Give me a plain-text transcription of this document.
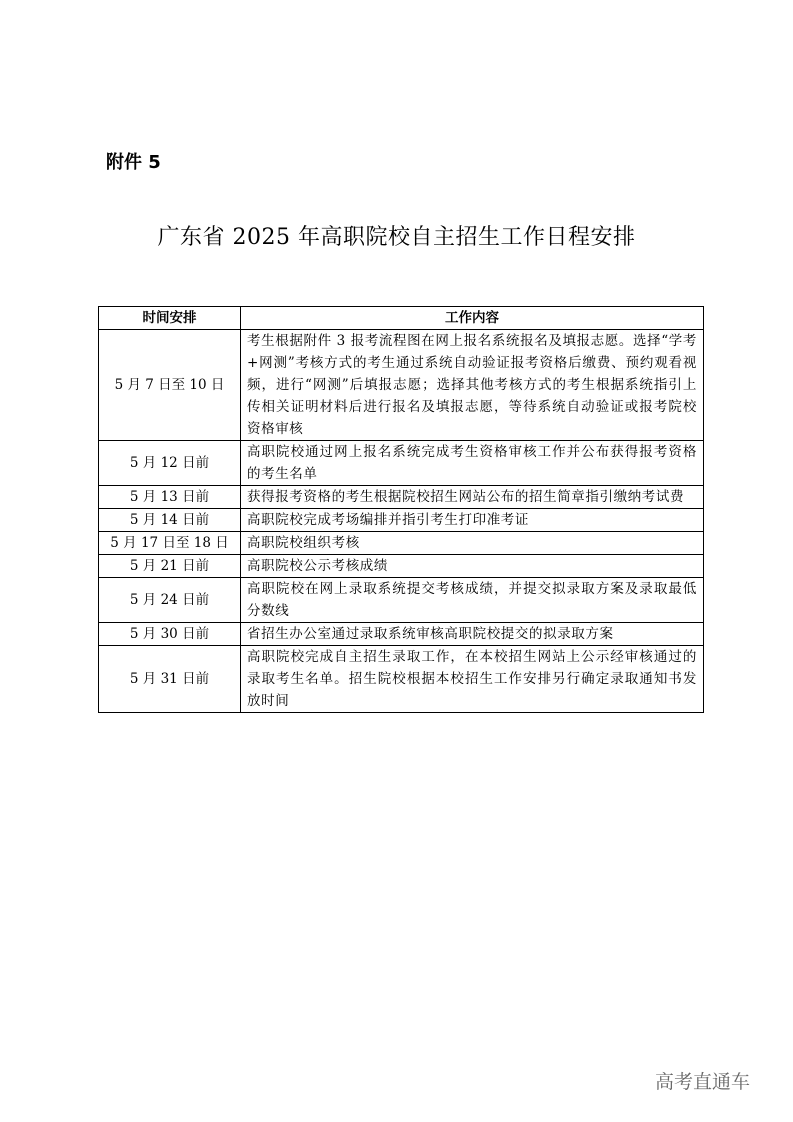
附件 5
广东省 2025 年高职院校自主招生工作日程安排
时间安排	工作内容
5 月 7 日至 10 日	考生根据附件 3 报考流程图在网上报名系统报名及填报志愿。选择“学考+网测”考核方式的考生通过系统自动验证报考资格后缴费、预约观看视频，进行“网测”后填报志愿；选择其他考核方式的考生根据系统指引上传相关证明材料后进行报名及填报志愿，等待系统自动验证或报考院校资格审核
5 月 12 日前	高职院校通过网上报名系统完成考生资格审核工作并公布获得报考资格的考生名单
5 月 13 日前	获得报考资格的考生根据院校招生网站公布的招生简章指引缴纳考试费
5 月 14 日前	高职院校完成考场编排并指引考生打印准考证
5 月 17 日至 18 日	高职院校组织考核
5 月 21 日前	高职院校公示考核成绩
5 月 24 日前	高职院校在网上录取系统提交考核成绩，并提交拟录取方案及录取最低分数线
5 月 30 日前	省招生办公室通过录取系统审核高职院校提交的拟录取方案
5 月 31 日前	高职院校完成自主招生录取工作，在本校招生网站上公示经审核通过的录取考生名单。招生院校根据本校招生工作安排另行确定录取通知书发放时间
高考直通车
